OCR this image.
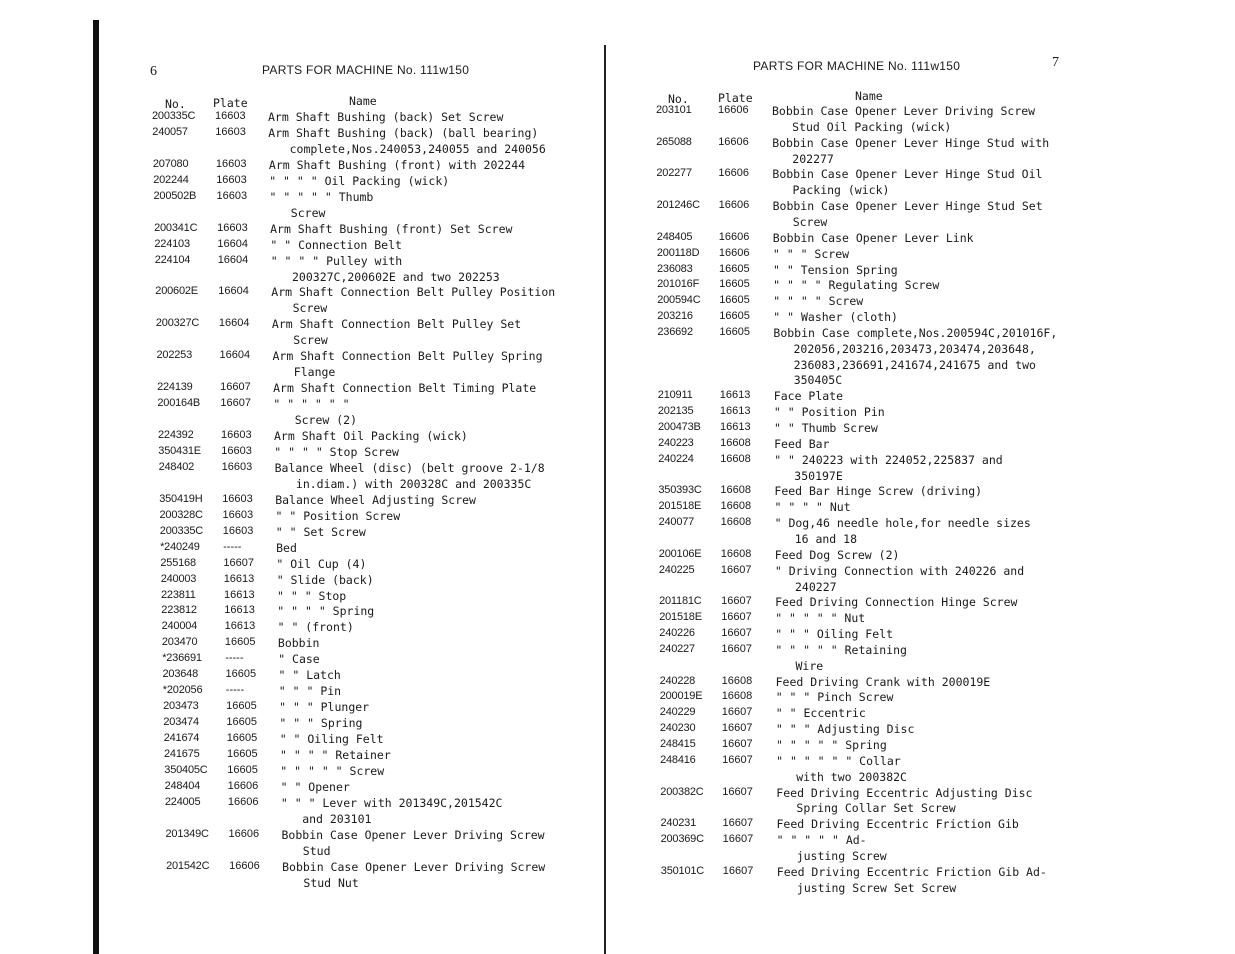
6	PARTS FOR MACHINE No. 111w150
No. Plate	Name
200335C 16603 Arm Shaft Bushing (back) Set Screw
240057 16603 Arm Shaft Bushing (back) (ball bearing)
complete,Nos.240053,240055 and 240056
207080 16603 Arm Shaft Bushing (front) with 202244
202244 16603 " " " " Oil Packing (wick)
200502B 16603 " " " " " Thumb
Screw
200341C 16603 Arm Shaft Bushing (front) Set Screw
224103 16604 " " Connection Belt
224104 16604 " " " " Pulley with
200327C,200602E and two 202253
200602E 16604 Arm Shaft Connection Belt Pulley Position
Screw
200327C 16604 Arm Shaft Connection Belt Pulley Set
Screw
202253 16604 Arm Shaft Connection Belt Pulley Spring
Flange
224139 16607 Arm Shaft Connection Belt Timing Plate
200164B 16607 " " " " " "
Screw (2)
224392 16603 Arm Shaft Oil Packing (wick)
350431E 16603 " " " " Stop Screw
248402 16603 Balance Wheel (disc) (belt groove 2-1/8
in.diam.) with 200328C and 200335C
350419H 16603 Balance Wheel Adjusting Screw
200328C 16603 " " Position Screw
200335C 16603 " " Set Screw
*240249 -----	Bed
255168 16607 " Oil Cup (4)
240003 16613 " Slide (back)
223811	16613 " " " Stop
223812 16613 " " " " Spring
240004 16613 " " (front)
203470 16605 Bobbin
*236691 -----	" Case
203648 16605 " " Latch
*202056 -----	" " " Pin
203473 16605 " " " Plunger
203474 16605 " " " Spring
241674 16605 " " Oiling Felt
241675 16605 " " " " Retainer
350405C 16605 " " " " " Screw
248404 16606 " " Opener
224005 16606 " " " Lever with 201349C,201542C
and 203101
201349C 16606 Bobbin Case Opener Lever Driving Screw
Stud
201542C 16606 Bobbin Case Opener Lever Driving Screw
Stud Nut
7
PARTS FOR MACHINE No. 111w150
No.	Plate	Name
203101 16606 Bobbin Case Opener Lever Driving Screw
Stud Oil Packing (wick)
265088 16606 Bobbin Case Opener Lever Hinge Stud with
202277
202277 16606 Bobbin Case Opener Lever Hinge Stud Oil
Packing (wick)
201246C 16606 Bobbin Case Opener Lever Hinge Stud Set
Screw
248405 16606 Bobbin Case Opener Lever Link
200118D 16606 " " " Screw
236083 16605 " " Tension Spring
201016F 16605 " " " " Regulating Screw
200594C 16605 " " " " Screw
203216 16605 " " Washer (cloth)
236692 16605 Bobbin Case complete,Nos.200594C,201016F,
202056,203216,203473,203474,203648,
236083,236691,241674,241675 and two
350405C
210911 16613 Face Plate
202135 16613 " " Position Pin
200473B 16613 " " Thumb Screw
240223 16608 Feed Bar
240224 16608 " " 240223 with 224052,225837 and
350197E
350393C 16608 Feed Bar Hinge Screw (driving)
201518E 16608 " " " " Nut
240077 16608 " Dog,46 needle hole,for needle sizes
16 and 18
200106E 16608 Feed Dog Screw (2)
240225 16607 " Driving Connection with 240226 and
240227
201181C 16607 Feed Driving Connection Hinge Screw
201518E 16607 " " " " " Nut
240226 16607 " " " Oiling Felt
240227 16607 " " " " " Retaining
Wire
240228 16608 Feed Driving Crank with 200019E
200019E 16608 " " " Pinch Screw
240229 16607 " " Eccentric
240230 16607 " " " Adjusting Disc
248415 16607 " " " " " Spring
248416 16607 " " " " " " Collar
with two 200382C
200382C 16607 Feed Driving Eccentric Adjusting Disc
Spring Collar Set Screw
240231 16607 Feed Driving Eccentric Friction Gib
200369C 16607 " " " " " Ad-
justing Screw
350101C 16607 Feed Driving Eccentric Friction Gib Ad-
justing Screw Set Screw
